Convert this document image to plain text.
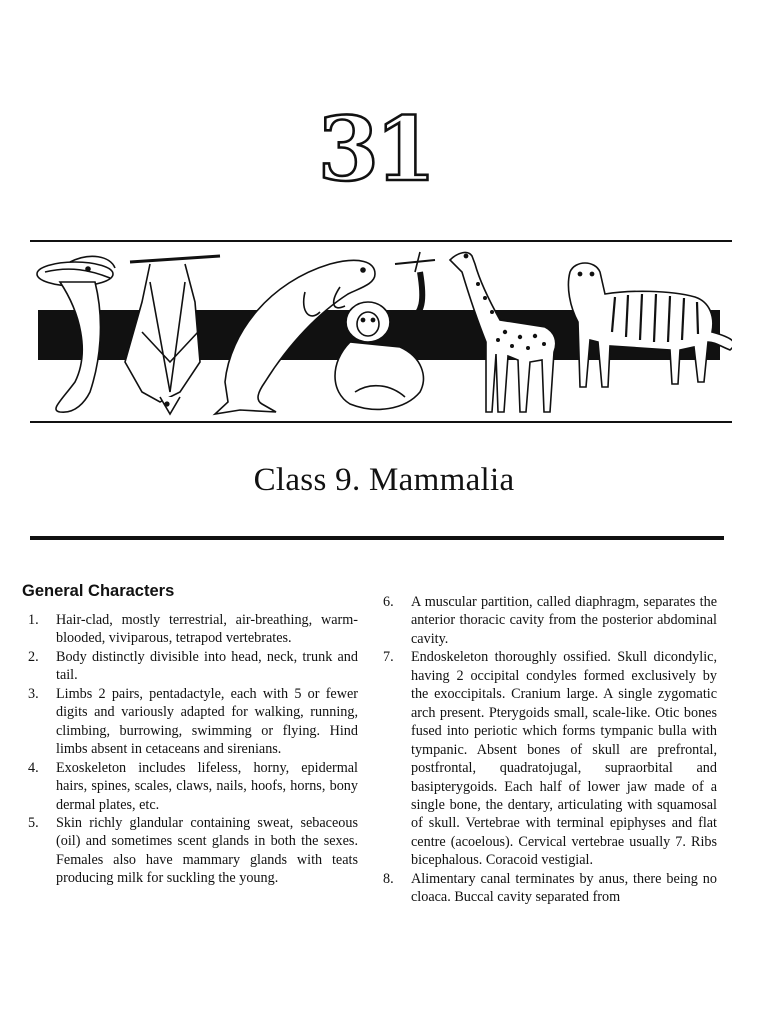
31
Class 9. Mammalia
General Characters
1.	Hair-clad, mostly terrestrial, air-breathing, warm-blooded, viviparous, tetrapod vertebrates.
2.	Body distinctly divisible into head, neck, trunk and tail.
3.	Limbs 2 pairs, pentadactyle, each with 5 or fewer digits and variously adapted for walking, running, climbing, burrowing, swimming or flying. Hind limbs absent in cetaceans and sirenians.
4.	Exoskeleton includes lifeless, horny, epidermal hairs, spines, scales, claws, nails, hoofs, horns, bony dermal plates, etc.
5.	Skin richly glandular containing sweat, sebaceous (oil) and sometimes scent glands in both the sexes. Females also have mammary glands with teats producing milk for suckling the young.
6.	A muscular partition, called diaphragm, separates the anterior thoracic cavity from the posterior abdominal cavity.
7.	Endoskeleton thoroughly ossified. Skull dicondylic, having 2 occipital condyles formed exclusively by the exoccipitals. Cranium large. A single zygomatic arch present. Pterygoids small, scale-like. Otic bones fused into periotic which forms tympanic bulla with tympanic. Absent bones of skull are prefrontal, postfrontal, quadratojugal, supraorbital and basipterygoids. Each half of lower jaw made of a single bone, the dentary, articulating with squamosal of skull. Vertebrae with terminal epiphyses and flat centre (acoelous). Cervical vertebrae usually 7. Ribs bicephalous. Coracoid vestigial.
8.	Alimentary canal terminates by anus, there being no cloaca. Buccal cavity separated from
